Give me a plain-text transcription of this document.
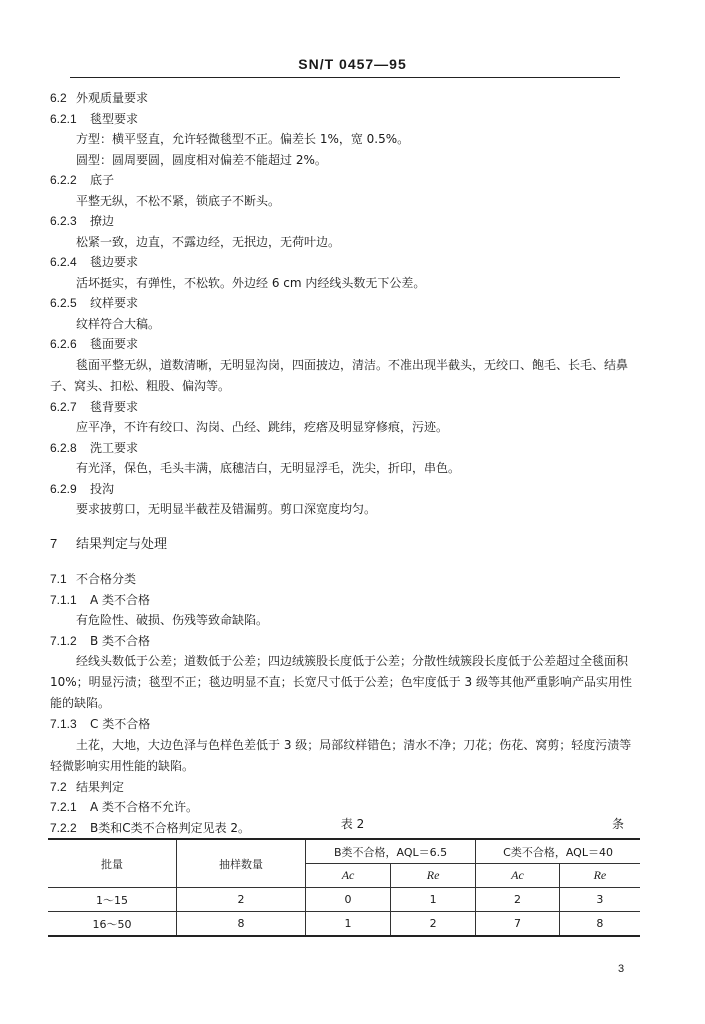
SN/T 0457—95
6.2 外观质量要求
6.2.1 毯型要求
方型：横平竖直，允许轻微毯型不正。偏差长 1%，宽 0.5%。
圆型：圆周要圆，圆度相对偏差不能超过 2%。
6.2.2 底子
平整无纵，不松不紧，锁底子不断头。
6.2.3 撩边
松紧一致，边直，不露边经，无抿边，无荷叶边。
6.2.4 毯边要求
活坏挺实，有弹性，不松软。外边经 6 cm 内经线头数无下公差。
6.2.5 纹样要求
纹样符合大稿。
6.2.6 毯面要求
毯面平整无纵，道数清晰，无明显沟岗，四面披边，清洁。不准出现半截头，无绞口、飽毛、长毛、结鼻子、窝头、扣松、粗股、偏沟等。
6.2.7 毯背要求
应平净，不许有绞口、沟岗、凸经、跳纬，疙瘩及明显穿修痕，污迹。
6.2.8 洗工要求
有光泽，保色，毛头丰满，底穗洁白，无明显浮毛，洗尖，折印，串色。
6.2.9 投沟
要求披剪口，无明显半截茬及错漏剪。剪口深宽度均匀。
7 结果判定与处理
7.1 不合格分类
7.1.1 A 类不合格
有危险性、破损、伤残等致命缺陷。
7.1.2 B 类不合格
经线头数低于公差；道数低于公差；四边绒簇股长度低于公差；分散性绒簇段长度低于公差超过全毯面积 10%；明显污渍；毯型不正；毯边明显不直；长宽尺寸低于公差；色牢度低于 3 级等其他严重影响产品实用性能的缺陷。
7.1.3 C 类不合格
土花，大地，大边色泽与色样色差低于 3 级；局部纹样错色；清水不净；刀花；伤花、窝剪；轻度污渍等轻微影响实用性能的缺陷。
7.2 结果判定
7.2.1 A 类不合格不允许。
7.2.2 B类和C类不合格判定见表 2。	表 2	条
批量	抽样数量	B类不合格，AQL＝6.5		C类不合格，AQL＝40	
		Ac	Re	Ac	Re
1～15	2	0	1	2	3
16～50	8	1	2	7	8
3
